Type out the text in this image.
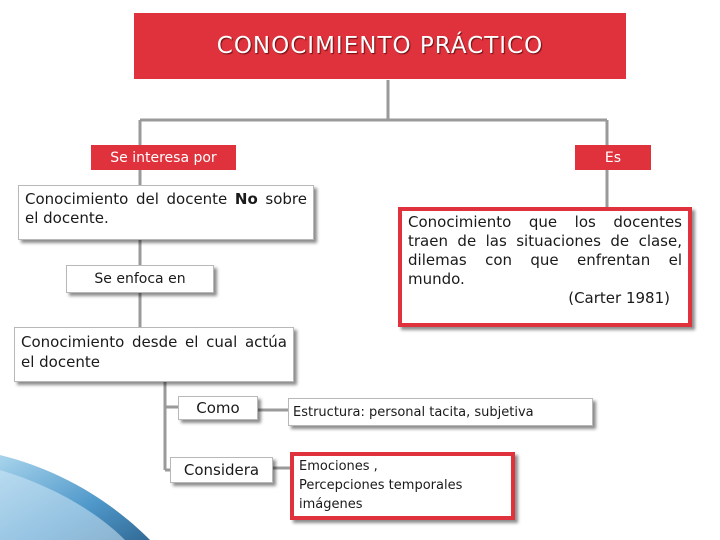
CONOCIMIENTO PRÁCTICO
Se interesa por	Es
Conocimiento del docente No sobre el docente.
Se enfoca en
Conocimiento que los docentes traen de las situaciones de clase, dilemas con que enfrentan el mundo.
(Carter 1981)
Conocimiento desde el cual actúa el docente
Como
Considera
Estructura: personal tacita, subjetiva
Emociones ,
Percepciones temporales
imágenes
